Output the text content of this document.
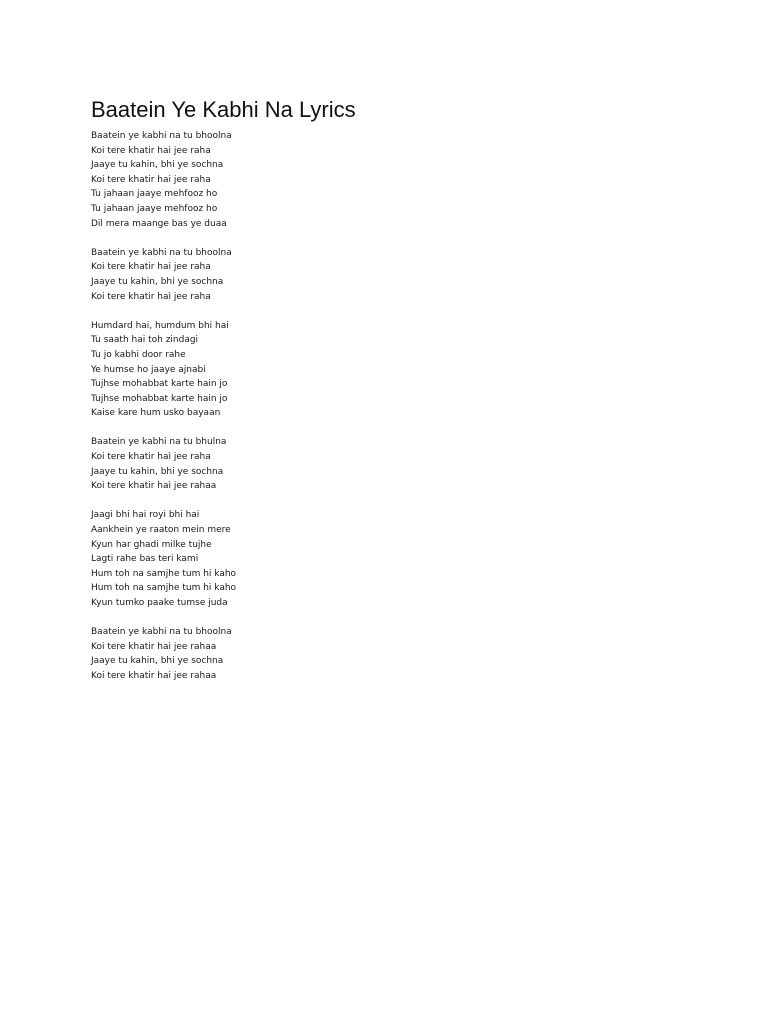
Baatein Ye Kabhi Na Lyrics
Baatein ye kabhi na tu bhoolna
Koi tere khatir hai jee raha
Jaaye tu kahin, bhi ye sochna
Koi tere khatir hai jee raha
Tu jahaan jaaye mehfooz ho
Tu jahaan jaaye mehfooz ho
Dil mera maange bas ye duaa
Baatein ye kabhi na tu bhoolna
Koi tere khatir hai jee raha
Jaaye tu kahin, bhi ye sochna
Koi tere khatir hai jee raha
Humdard hai, humdum bhi hai
Tu saath hai toh zindagi
Tu jo kabhi door rahe
Ye humse ho jaaye ajnabi
Tujhse mohabbat karte hain jo
Tujhse mohabbat karte hain jo
Kaise kare hum usko bayaan
Baatein ye kabhi na tu bhulna
Koi tere khatir hai jee raha
Jaaye tu kahin, bhi ye sochna
Koi tere khatir hai jee rahaa
Jaagi bhi hai royi bhi hai
Aankhein ye raaton mein mere
Kyun har ghadi milke tujhe
Lagti rahe bas teri kami
Hum toh na samjhe tum hi kaho
Hum toh na samjhe tum hi kaho
Kyun tumko paake tumse juda
Baatein ye kabhi na tu bhoolna
Koi tere khatir hai jee rahaa
Jaaye tu kahin, bhi ye sochna
Koi tere khatir hai jee rahaa
